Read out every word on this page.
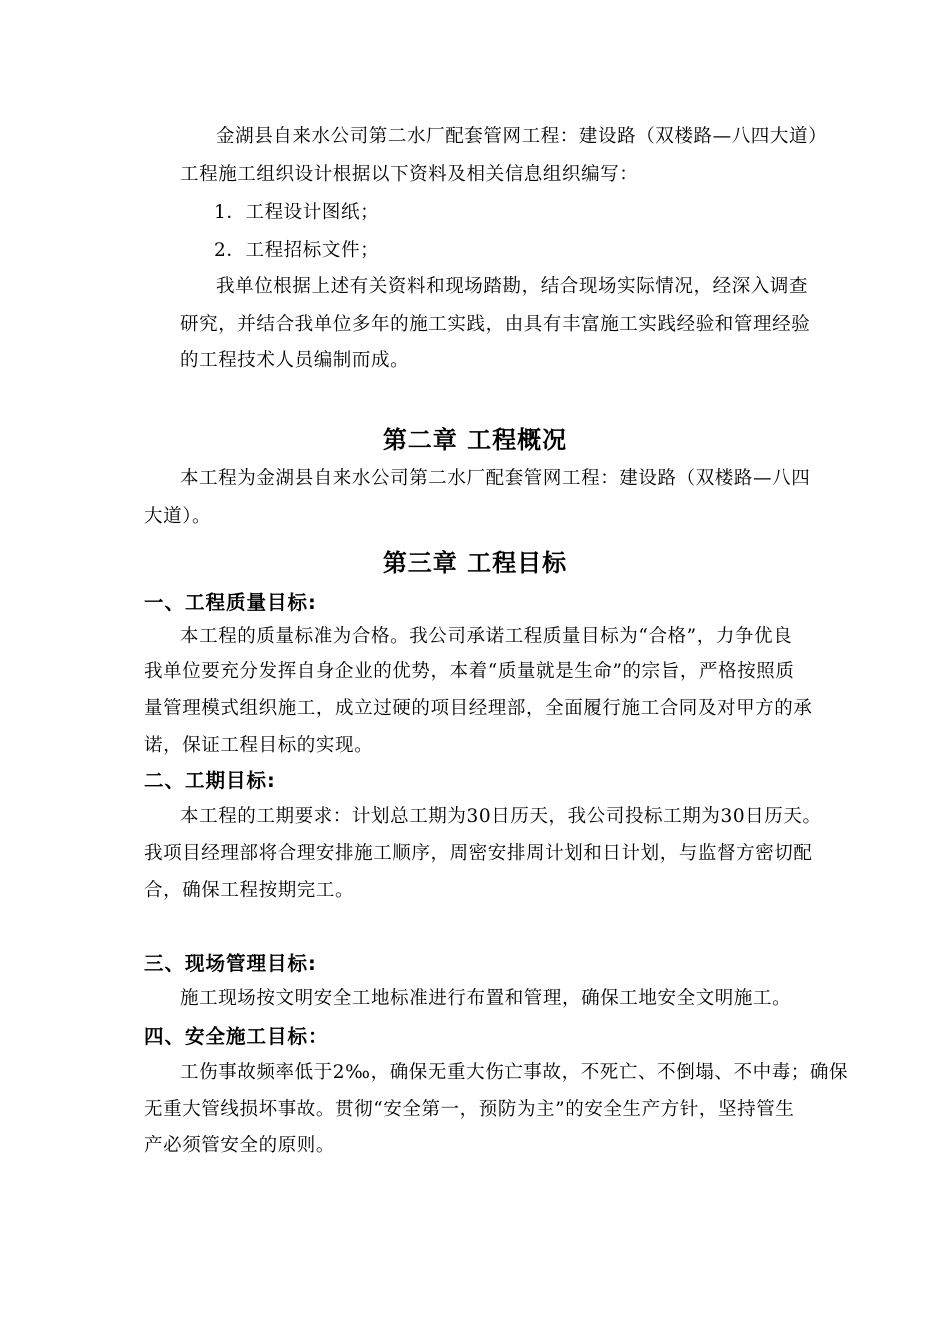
金湖县自来水公司第二水厂配套管网工程：建设路（双楼路—八四大道）
工程施工组织设计根据以下资料及相关信息组织编写：
1．工程设计图纸；
2．工程招标文件；
我单位根据上述有关资料和现场踏勘，结合现场实际情况，经深入调查
研究，并结合我单位多年的施工实践，由具有丰富施工实践经验和管理经验
的工程技术人员编制而成。
第二章 工程概况
本工程为金湖县自来水公司第二水厂配套管网工程：建设路（双楼路—八四
大道）。
第三章 工程目标
一、工程质量目标:
本工程的质量标准为合格。我公司承诺工程质量目标为“合格”，力争优良
我单位要充分发挥自身企业的优势，本着“质量就是生命”的宗旨，严格按照质
量管理模式组织施工，成立过硬的项目经理部，全面履行施工合同及对甲方的承
诺，保证工程目标的实现。
二、工期目标:
本工程的工期要求：计划总工期为30日历天，我公司投标工期为30日历天。
我项目经理部将合理安排施工顺序，周密安排周计划和日计划，与监督方密切配
合，确保工程按期完工。
三、现场管理目标:
施工现场按文明安全工地标准进行布置和管理，确保工地安全文明施工。
四、安全施工目标：
工伤事故频率低于2‰，确保无重大伤亡事故，不死亡、不倒塌、不中毒；确保
无重大管线损坏事故。贯彻“安全第一，预防为主”的安全生产方针，坚持管生
产必须管安全的原则。
